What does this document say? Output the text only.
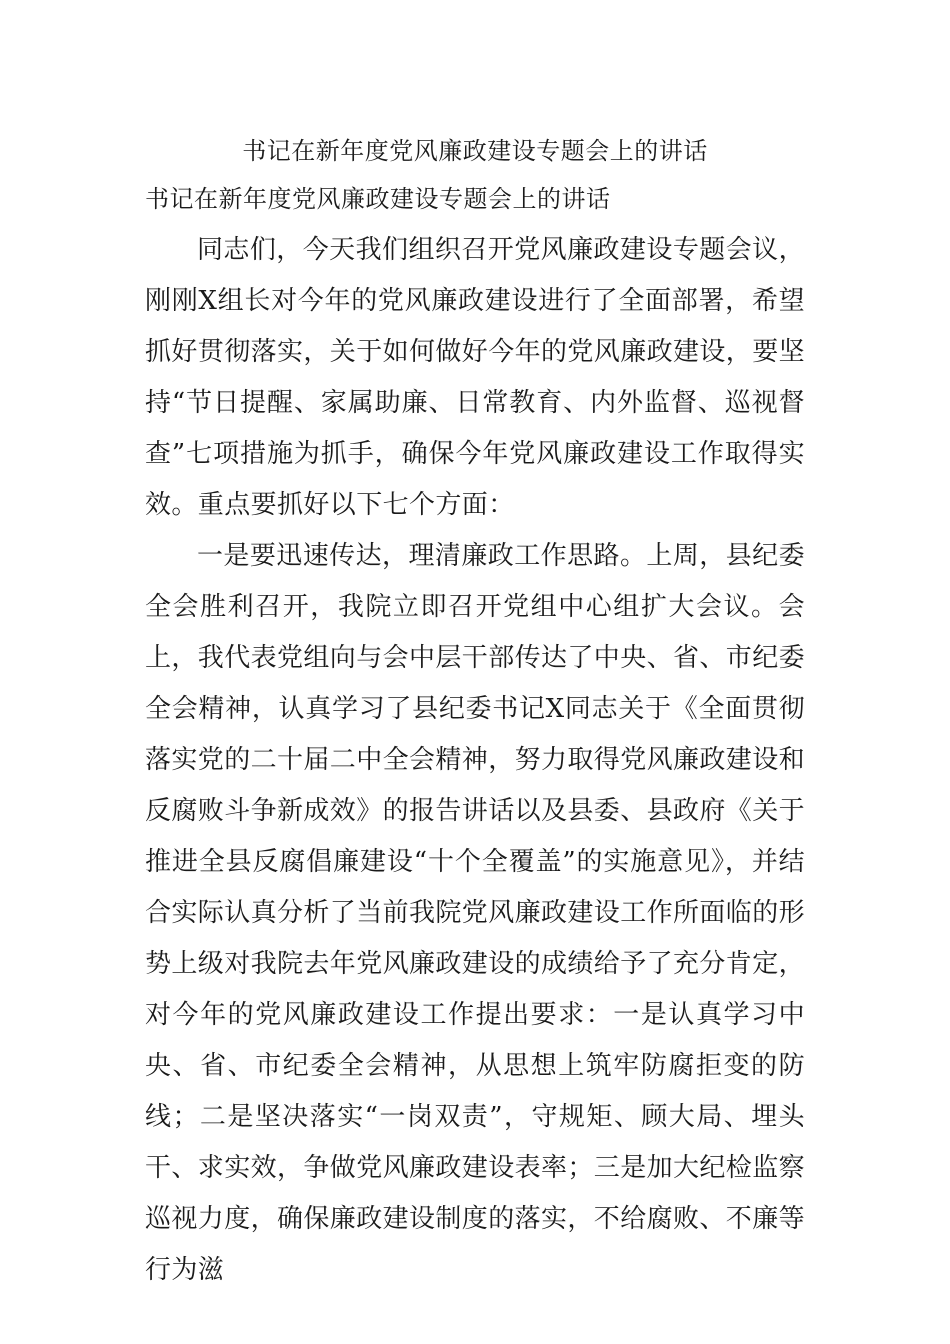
书记在新年度党风廉政建设专题会上的讲话
书记在新年度党风廉政建设专题会上的讲话

同志们，今天我们组织召开党风廉政建设专题会议，刚刚X组长对今年的党风廉政建设进行了全面部署，希望抓好贯彻落实，关于如何做好今年的党风廉政建设，要坚持“节日提醒、家属助廉、日常教育、内外监督、巡视督查”七项措施为抓手，确保今年党风廉政建设工作取得实效。重点要抓好以下七个方面：

一是要迅速传达，理清廉政工作思路。上周，县纪委全会胜利召开，我院立即召开党组中心组扩大会议。会上，我代表党组向与会中层干部传达了中央、省、市纪委全会精神，认真学习了县纪委书记X同志关于《全面贯彻落实党的二十届二中全会精神，努力取得党风廉政建设和反腐败斗争新成效》的报告讲话以及县委、县政府《关于推进全县反腐倡廉建设“十个全覆盖”的实施意见》，并结合实际认真分析了当前我院党风廉政建设工作所面临的形势上级对我院去年党风廉政建设的成绩给予了充分肯定，对今年的党风廉政建设工作提出要求：一是认真学习中央、省、市纪委全会精神，从思想上筑牢防腐拒变的防线；二是坚决落实“一岗双责”，守规矩、顾大局、埋头干、求实效，争做党风廉政建设表率；三是加大纪检监察巡视力度，确保廉政建设制度的落实，不给腐败、不廉等行为滋
